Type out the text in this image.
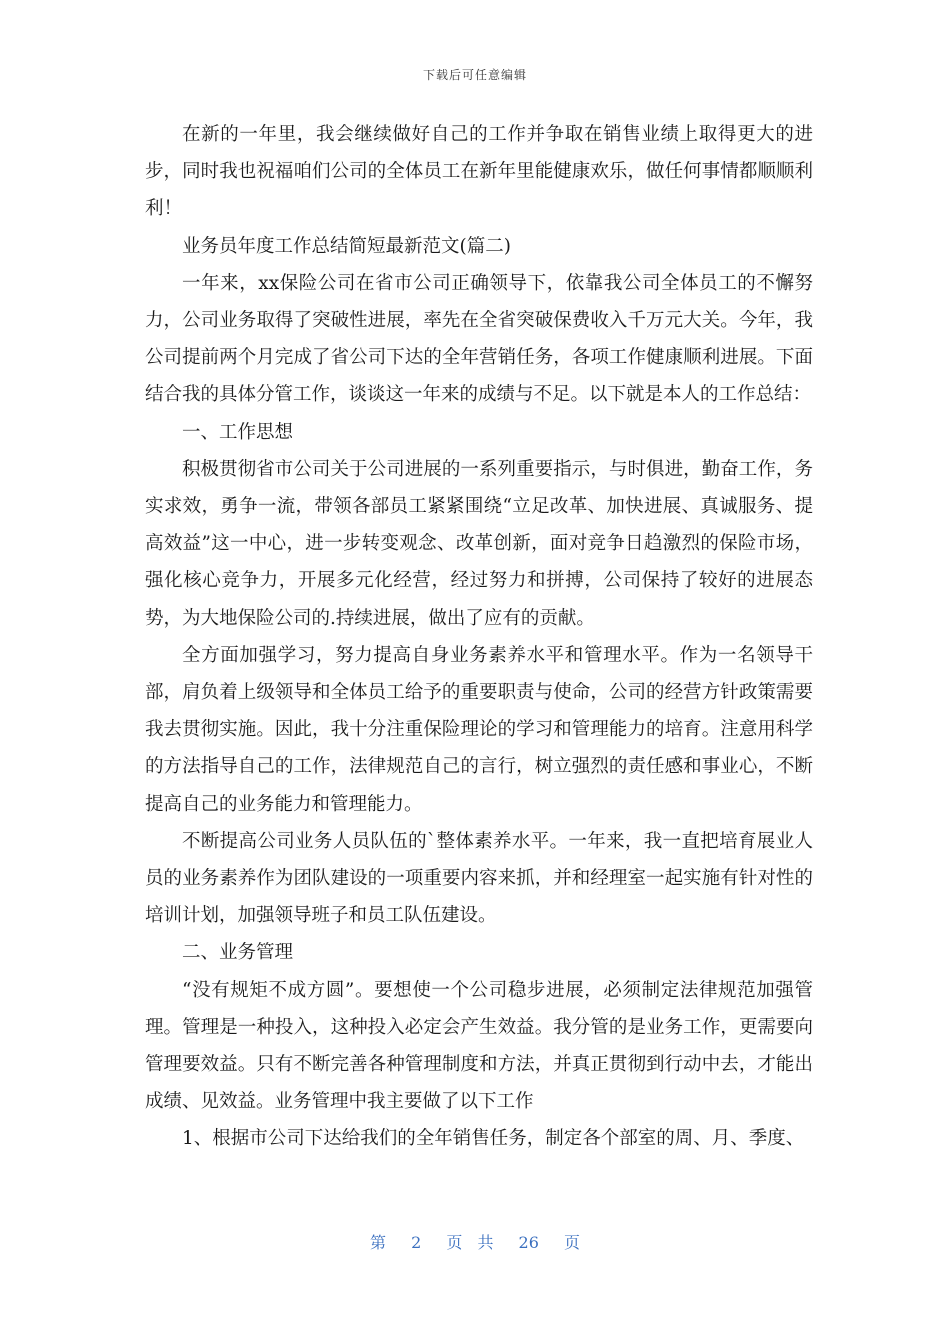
下载后可任意编辑

在新的一年里，我会继续做好自己的工作并争取在销售业绩上取得更大的进步，同时我也祝福咱们公司的全体员工在新年里能健康欢乐，做任何事情都顺顺利利！

业务员年度工作总结简短最新范文(篇二)

一年来，xx保险公司在省市公司正确领导下，依靠我公司全体员工的不懈努力，公司业务取得了突破性进展，率先在全省突破保费收入千万元大关。今年，我公司提前两个月完成了省公司下达的全年营销任务，各项工作健康顺利进展。下面结合我的具体分管工作，谈谈这一年来的成绩与不足。以下就是本人的工作总结：

一、工作思想

积极贯彻省市公司关于公司进展的一系列重要指示，与时俱进，勤奋工作，务实求效，勇争一流，带领各部员工紧紧围绕“立足改革、加快进展、真诚服务、提高效益”这一中心，进一步转变观念、改革创新，面对竞争日趋激烈的保险市场，强化核心竞争力，开展多元化经营，经过努力和拼搏，公司保持了较好的进展态势，为大地保险公司的.持续进展，做出了应有的贡献。

全方面加强学习，努力提高自身业务素养水平和管理水平。作为一名领导干部，肩负着上级领导和全体员工给予的重要职责与使命，公司的经营方针政策需要我去贯彻实施。因此，我十分注重保险理论的学习和管理能力的培育。注意用科学的方法指导自己的工作，法律规范自己的言行，树立强烈的责任感和事业心，不断提高自己的业务能力和管理能力。

不断提高公司业务人员队伍的`整体素养水平。一年来，我一直把培育展业人员的业务素养作为团队建设的一项重要内容来抓，并和经理室一起实施有针对性的培训计划，加强领导班子和员工队伍建设。

二、业务管理

“没有规矩不成方圆”。要想使一个公司稳步进展，必须制定法律规范加强管理。管理是一种投入，这种投入必定会产生效益。我分管的是业务工作，更需要向管理要效益。只有不断完善各种管理制度和方法，并真正贯彻到行动中去，才能出成绩、见效益。业务管理中我主要做了以下工作

1、根据市公司下达给我们的全年销售任务，制定各个部室的周、月、季度、

第 2 页 共 26 页
